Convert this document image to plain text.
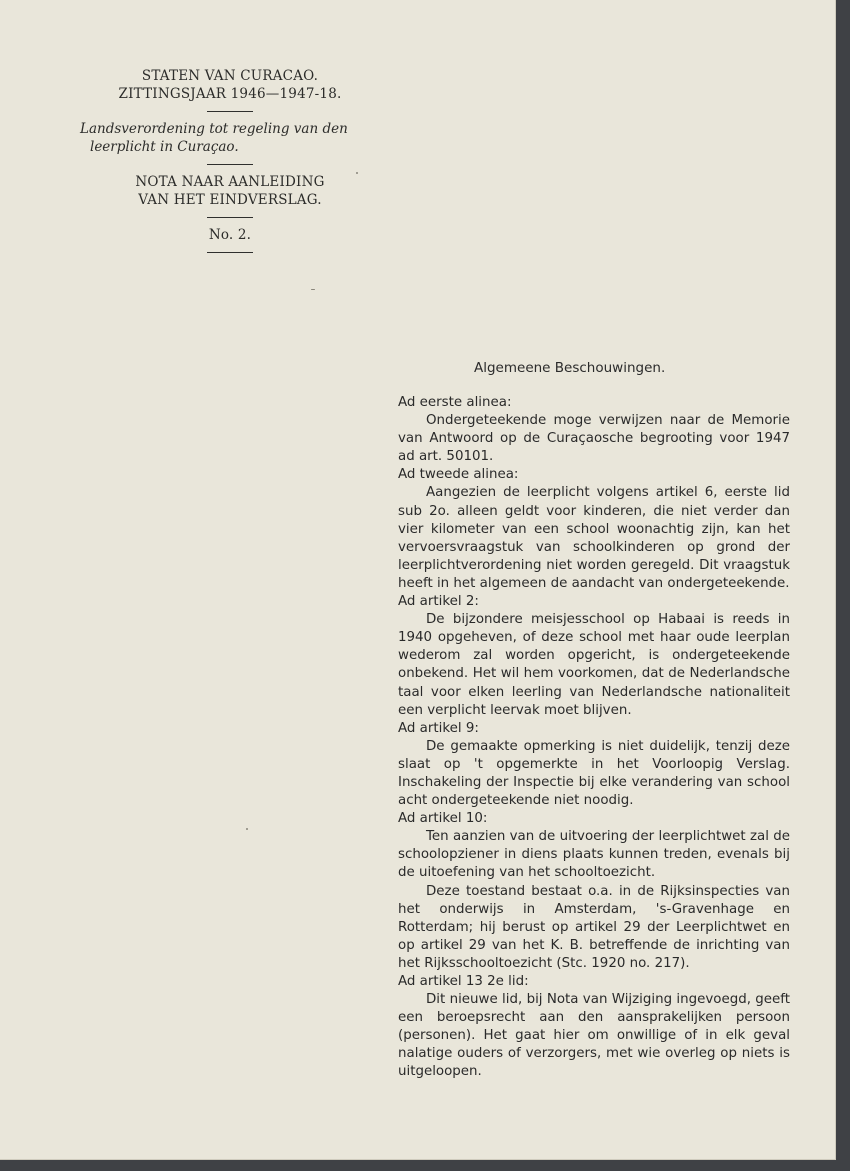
STATEN VAN CURACAO.
ZITTINGSJAAR 1946—1947-18.
Landsverordening tot regeling van den
leerplicht in Curaçao.
NOTA NAAR AANLEIDING
VAN HET EINDVERSLAG.
No. 2.
Algemeene Beschouwingen.

Ad eerste alinea:

Ondergeteekende moge verwijzen naar de Memorie van Antwoord op de Curaçaosche begrooting voor 1947 ad art. 50101.

Ad tweede alinea:

Aangezien de leerplicht volgens artikel 6, eerste lid sub 2o. alleen geldt voor kinderen, die niet verder dan vier kilometer van een school woonachtig zijn, kan het vervoersvraagstuk van schoolkinderen op grond der leerplichtverordening niet worden geregeld. Dit vraagstuk heeft in het algemeen de aandacht van ondergeteekende.

Ad artikel 2:

De bijzondere meisjesschool op Habaai is reeds in 1940 opgeheven, of deze school met haar oude leerplan wederom zal worden opgericht, is ondergeteekende onbekend. Het wil hem voorkomen, dat de Nederlandsche taal voor elken leerling van Nederlandsche nationaliteit een verplicht leervak moet blijven.

Ad artikel 9:

De gemaakte opmerking is niet duidelijk, tenzij deze slaat op 't opgemerkte in het Voorloopig Verslag. Inschakeling der Inspectie bij elke verandering van school acht ondergeteekende niet noodig.

Ad artikel 10:

Ten aanzien van de uitvoering der leerplichtwet zal de schoolopziener in diens plaats kunnen treden, evenals bij de uitoefening van het schooltoezicht.

Deze toestand bestaat o.a. in de Rijksinspecties van het onderwijs in Amsterdam, 's-Gravenhage en Rotterdam; hij berust op artikel 29 der Leerplichtwet en op artikel 29 van het K. B. betreffende de inrichting van het Rijksschooltoezicht (Stc. 1920 no. 217).

Ad artikel 13 2e lid:

Dit nieuwe lid, bij Nota van Wijziging ingevoegd, geeft een beroepsrecht aan den aansprakelijken persoon (personen). Het gaat hier om onwillige of in elk geval nalatige ouders of verzorgers, met wie overleg op niets is uitgeloopen.
